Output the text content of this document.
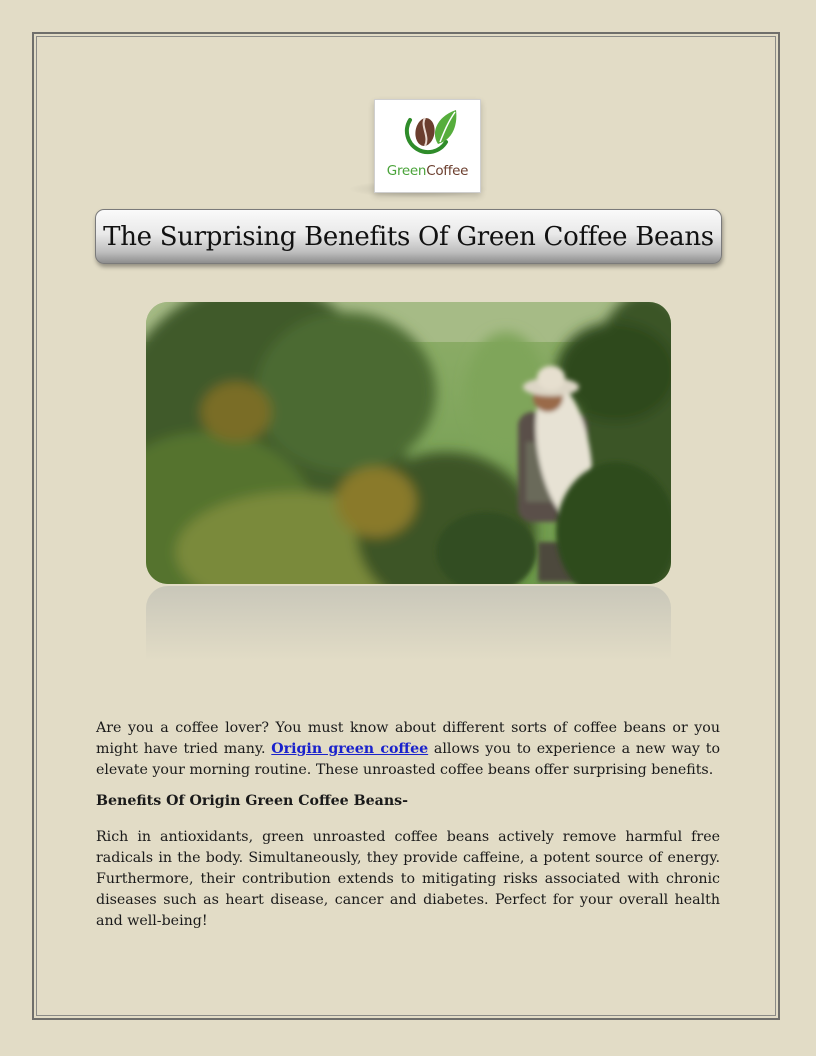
GreenCoffee
The Surprising Benefits Of Green Coffee Beans

Are you a coffee lover? You must know about different sorts of coffee beans or you might have tried many. Origin green coffee allows you to experience a new way to elevate your morning routine. These unroasted coffee beans offer surprising benefits.

Benefits Of Origin Green Coffee Beans-

Rich in antioxidants, green unroasted coffee beans actively remove harmful free radicals in the body. Simultaneously, they provide caffeine, a potent source of energy. Furthermore, their contribution extends to mitigating risks associated with chronic diseases such as heart disease, cancer and diabetes. Perfect for your overall health and well-being!
